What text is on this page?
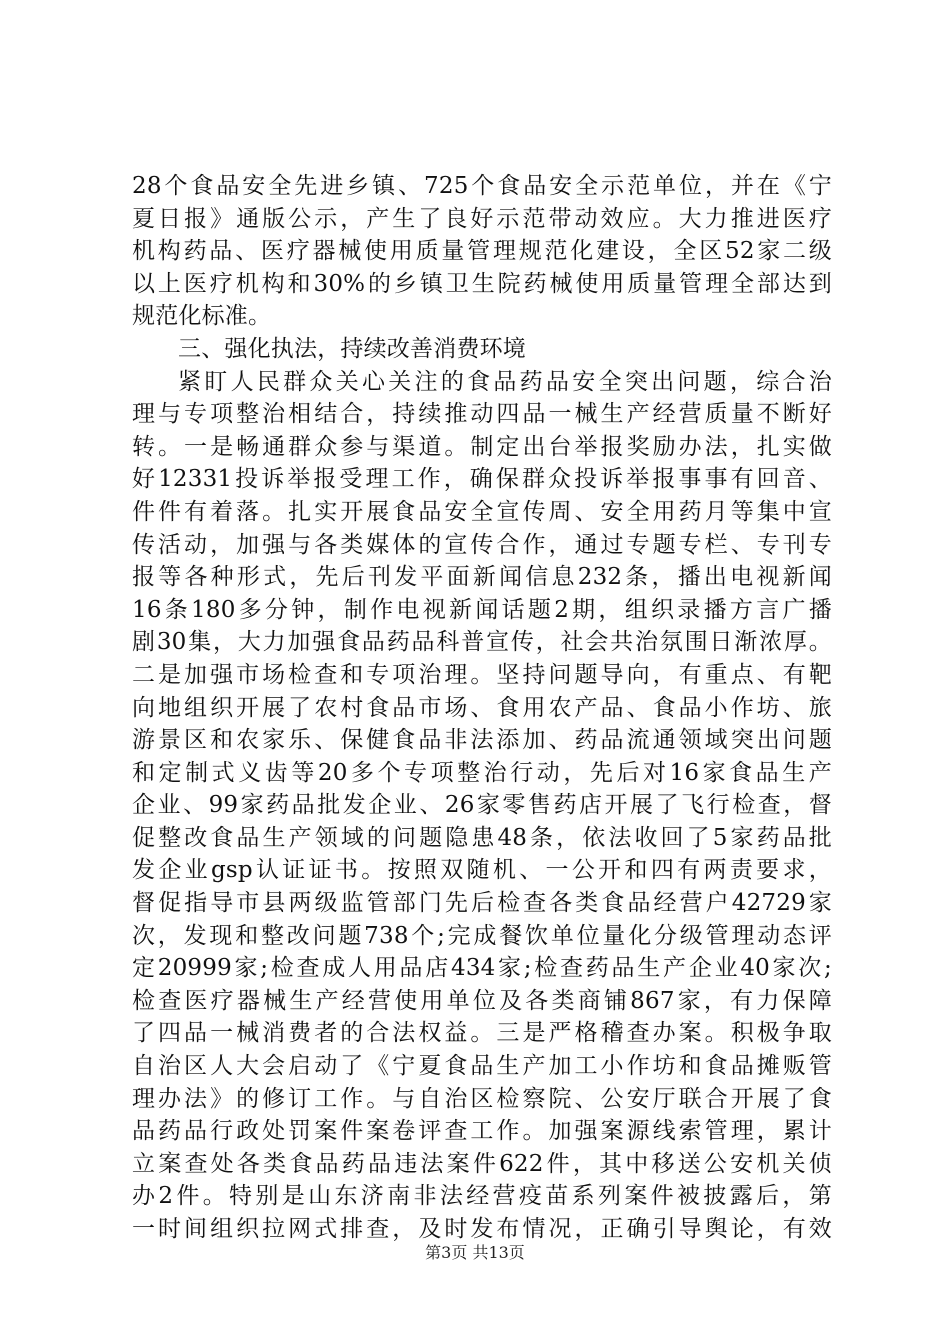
28个食品安全先进乡镇、725个食品安全示范单位，并在《宁
夏日报》通版公示，产生了良好示范带动效应。大力推进医疗
机构药品、医疗器械使用质量管理规范化建设，全区52家二级
以上医疗机构和30%的乡镇卫生院药械使用质量管理全部达到
规范化标准。
三、强化执法，持续改善消费环境
紧盯人民群众关心关注的食品药品安全突出问题，综合治
理与专项整治相结合，持续推动四品一械生产经营质量不断好
转。一是畅通群众参与渠道。制定出台举报奖励办法，扎实做
好12331投诉举报受理工作，确保群众投诉举报事事有回音、
件件有着落。扎实开展食品安全宣传周、安全用药月等集中宣
传活动，加强与各类媒体的宣传合作，通过专题专栏、专刊专
报等各种形式，先后刊发平面新闻信息232条，播出电视新闻
16条180多分钟，制作电视新闻话题2期，组织录播方言广播
剧30集，大力加强食品药品科普宣传，社会共治氛围日渐浓厚。
二是加强市场检查和专项治理。坚持问题导向，有重点、有靶
向地组织开展了农村食品市场、食用农产品、食品小作坊、旅
游景区和农家乐、保健食品非法添加、药品流通领域突出问题
和定制式义齿等20多个专项整治行动，先后对16家食品生产
企业、99家药品批发企业、26家零售药店开展了飞行检查，督
促整改食品生产领域的问题隐患48条，依法收回了5家药品批
发企业gsp认证证书。按照双随机、一公开和四有两责要求，
督促指导市县两级监管部门先后检查各类食品经营户42729家
次，发现和整改问题738个;完成餐饮单位量化分级管理动态评
定20999家;检查成人用品店434家;检查药品生产企业40家次;
检查医疗器械生产经营使用单位及各类商铺867家，有力保障
了四品一械消费者的合法权益。三是严格稽查办案。积极争取
自治区人大会启动了《宁夏食品生产加工小作坊和食品摊贩管
理办法》的修订工作。与自治区检察院、公安厅联合开展了食
品药品行政处罚案件案卷评查工作。加强案源线索管理，累计
立案查处各类食品药品违法案件622件，其中移送公安机关侦
办2件。特别是山东济南非法经营疫苗系列案件被披露后，第
一时间组织拉网式排查，及时发布情况，正确引导舆论，有效
第3页 共13页
